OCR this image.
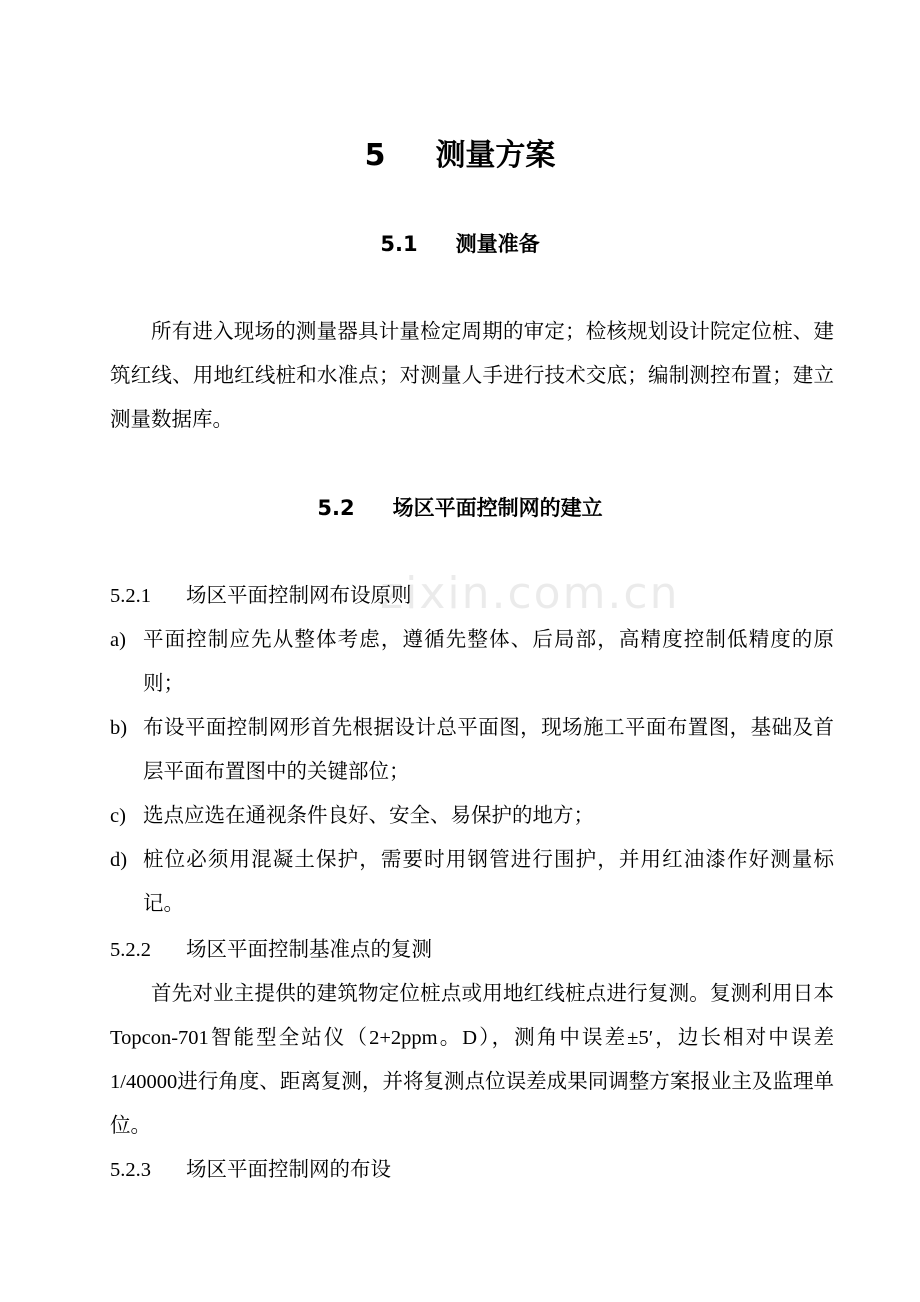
zixin.com.cn
5 测量方案
5.1 测量准备
所有进入现场的测量器具计量检定周期的审定；检核规划设计院定位桩、建筑红线、用地红线桩和水准点；对测量人手进行技术交底；编制测控布置；建立测量数据库。
5.2 场区平面控制网的建立
5.2.1 场区平面控制网布设原则
a) 平面控制应先从整体考虑，遵循先整体、后局部，高精度控制低精度的原则；
b) 布设平面控制网形首先根据设计总平面图，现场施工平面布置图，基础及首层平面布置图中的关键部位；
c) 选点应选在通视条件良好、安全、易保护的地方；
d) 桩位必须用混凝土保护，需要时用钢管进行围护，并用红油漆作好测量标记。
5.2.2 场区平面控制基准点的复测
首先对业主提供的建筑物定位桩点或用地红线桩点进行复测。复测利用日本Topcon-701智能型全站仪（2+2ppm。D），测角中误差±5′，边长相对中误差1/40000进行角度、距离复测，并将复测点位误差成果同调整方案报业主及监理单位。
5.2.3 场区平面控制网的布设
